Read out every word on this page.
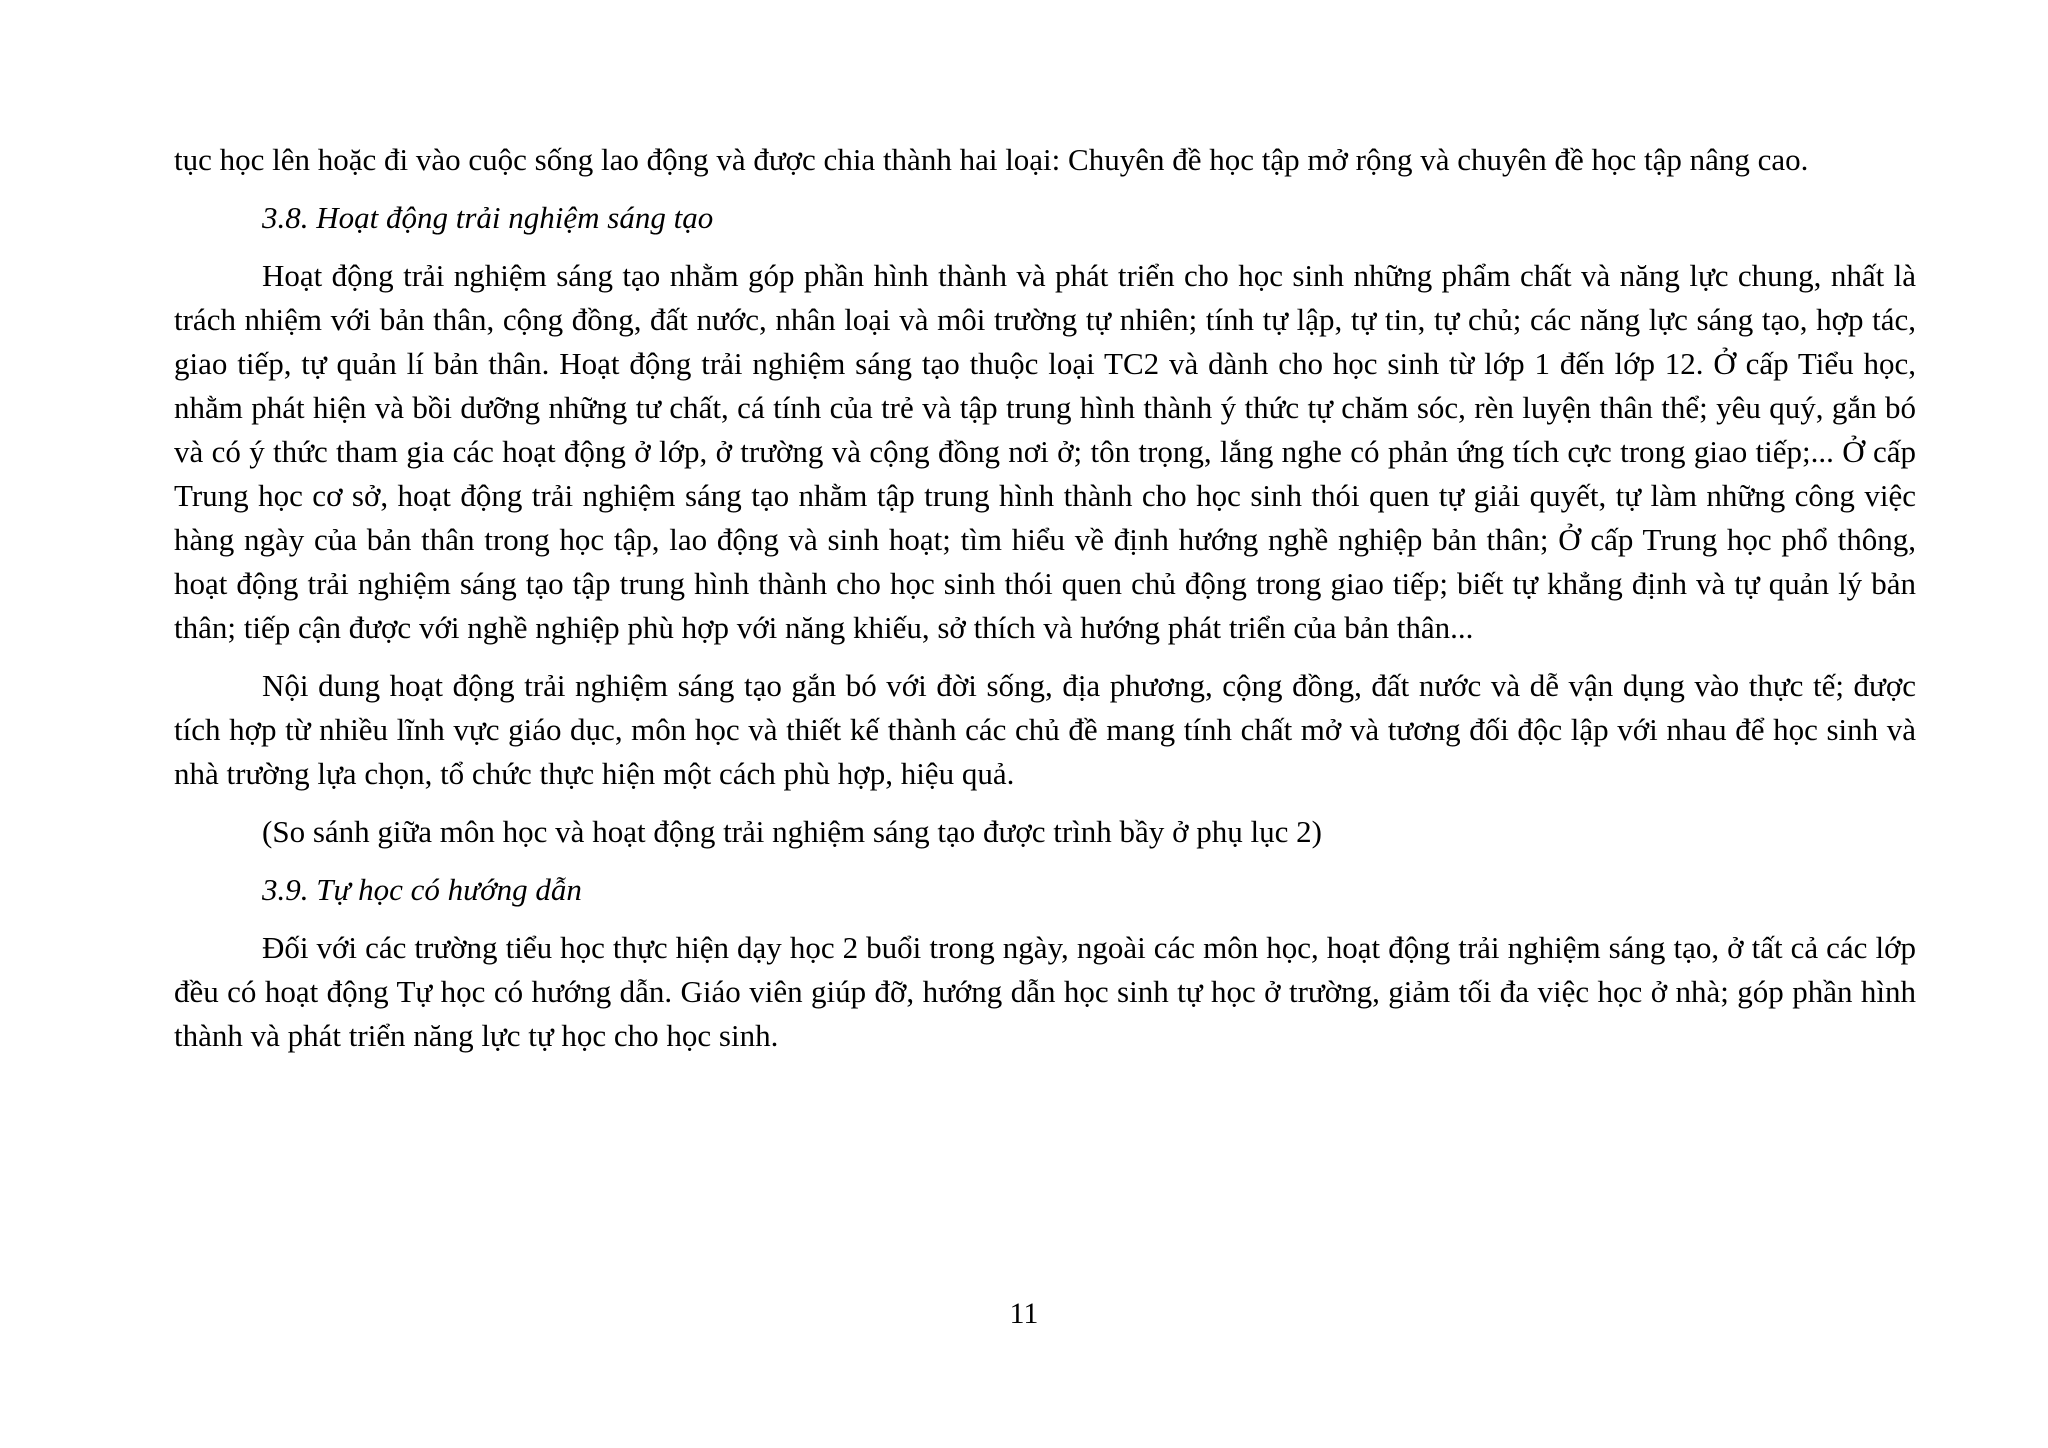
tục học lên hoặc đi vào cuộc sống lao động và được chia thành hai loại: Chuyên đề học tập mở rộng và chuyên đề học tập nâng cao.

3.8. Hoạt động trải nghiệm sáng tạo

Hoạt động trải nghiệm sáng tạo nhằm góp phần hình thành và phát triển cho học sinh những phẩm chất và năng lực chung, nhất là trách nhiệm với bản thân, cộng đồng, đất nước, nhân loại và môi trường tự nhiên; tính tự lập, tự tin, tự chủ; các năng lực sáng tạo, hợp tác, giao tiếp, tự quản lí bản thân. Hoạt động trải nghiệm sáng tạo thuộc loại TC2 và dành cho học sinh từ lớp 1 đến lớp 12. Ở cấp Tiểu học, nhằm phát hiện và bồi dưỡng những tư chất, cá tính của trẻ và tập trung hình thành ý thức tự chăm sóc, rèn luyện thân thể; yêu quý, gắn bó và có ý thức tham gia các hoạt động ở lớp, ở trường và cộng đồng nơi ở; tôn trọng, lắng nghe có phản ứng tích cực trong giao tiếp;... Ở cấp Trung học cơ sở, hoạt động trải nghiệm sáng tạo nhằm tập trung hình thành cho học sinh thói quen tự giải quyết, tự làm những công việc hàng ngày của bản thân trong học tập, lao động và sinh hoạt; tìm hiểu về định hướng nghề nghiệp bản thân; Ở cấp Trung học phổ thông, hoạt động trải nghiệm sáng tạo tập trung hình thành cho học sinh thói quen chủ động trong giao tiếp; biết tự khẳng định và tự quản lý bản thân; tiếp cận được với nghề nghiệp phù hợp với năng khiếu, sở thích và hướng phát triển của bản thân...

Nội dung hoạt động trải nghiệm sáng tạo gắn bó với đời sống, địa phương, cộng đồng, đất nước và dễ vận dụng vào thực tế; được tích hợp từ nhiều lĩnh vực giáo dục, môn học và thiết kế thành các chủ đề mang tính chất mở và tương đối độc lập với nhau để học sinh và nhà trường lựa chọn, tổ chức thực hiện một cách phù hợp, hiệu quả.

(So sánh giữa môn học và hoạt động trải nghiệm sáng tạo được trình bầy ở phụ lục 2)

3.9. Tự học có hướng dẫn

Đối với các trường tiểu học thực hiện dạy học 2 buổi trong ngày, ngoài các môn học, hoạt động trải nghiệm sáng tạo, ở tất cả các lớp đều có hoạt động Tự học có hướng dẫn. Giáo viên giúp đỡ, hướng dẫn học sinh tự học ở trường, giảm tối đa việc học ở nhà; góp phần hình thành và phát triển năng lực tự học cho học sinh.

11
